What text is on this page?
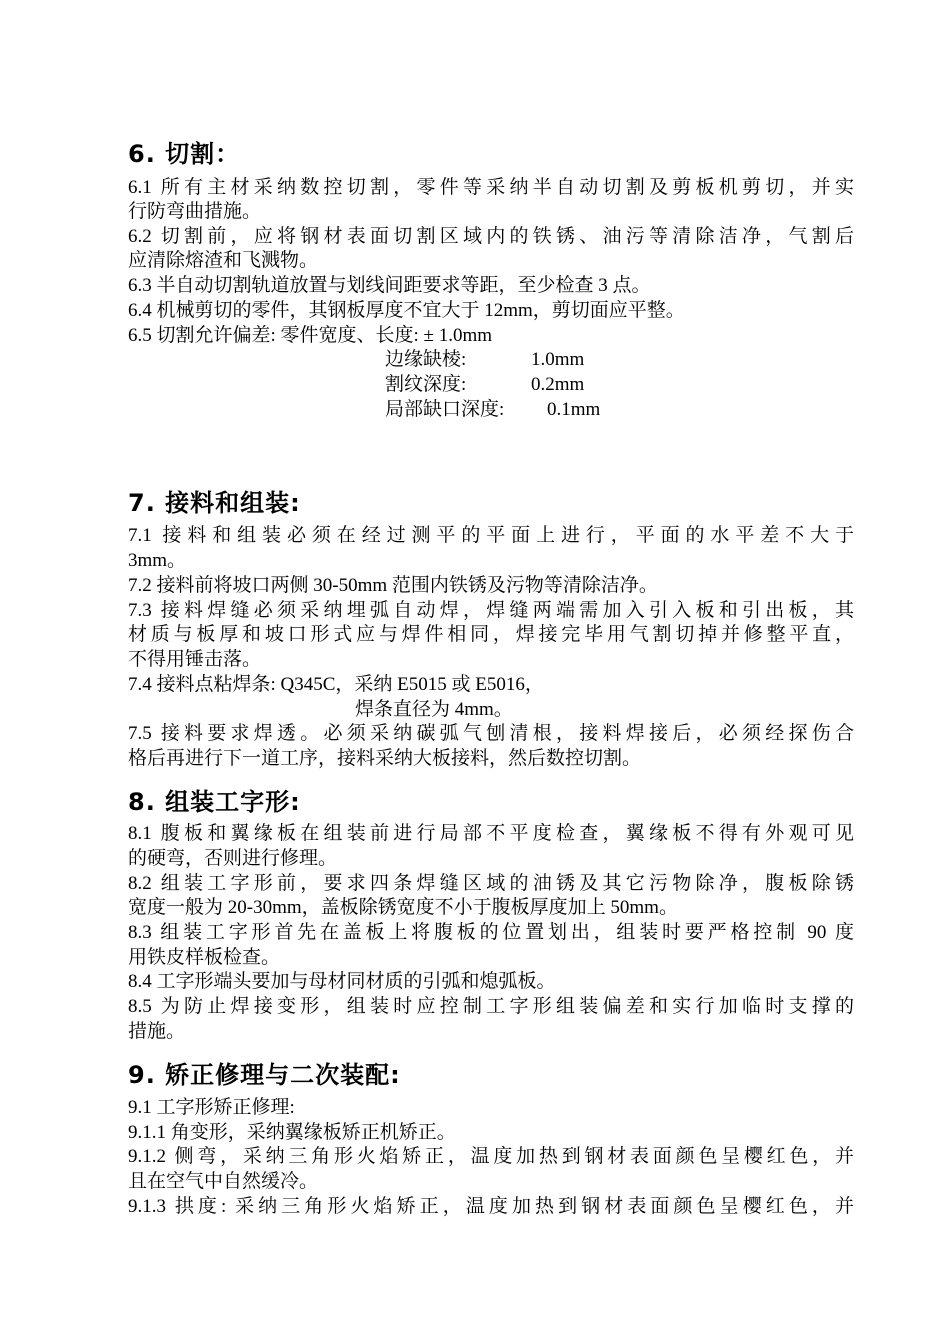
6. 切割：
6.1 所有主材采纳数控切割，零件等采纳半自动切割及剪板机剪切，并实
行防弯曲措施。
6.2 切割前，应将钢材表面切割区域内的铁锈、油污等清除洁净，气割后
应清除熔渣和飞溅物。
6.3 半自动切割轨道放置与划线间距要求等距，至少检查 3 点。
6.4 机械剪切的零件，其钢板厚度不宜大于 12mm，剪切面应平整。
6.5 切割允许偏差: 零件宽度、长度: ± 1.0mm
边缘缺棱:	1.0mm
割纹深度:	0.2mm
局部缺口深度: 0.1mm
7. 接料和组装:
7.1 接料和组装必须在经过测平的平面上进行，平面的水平差不大于
3mm。
7.2 接料前将坡口两侧 30-50mm 范围内铁锈及污物等清除洁净。
7.3 接料焊缝必须采纳埋弧自动焊，焊缝两端需加入引入板和引出板，其
材质与板厚和坡口形式应与焊件相同，焊接完毕用气割切掉并修整平直，
不得用锤击落。
7.4 接料点粘焊条: Q345C，采纳 E5015 或 E5016，
焊条直径为 4mm。
7.5 接料要求焊透。必须采纳碳弧气刨清根，接料焊接后，必须经探伤合
格后再进行下一道工序，接料采纳大板接料，然后数控切割。
8. 组装工字形:
8.1 腹板和翼缘板在组装前进行局部不平度检查，翼缘板不得有外观可见
的硬弯，否则进行修理。
8.2 组装工字形前，要求四条焊缝区域的油锈及其它污物除净，腹板除锈
宽度一般为 20-30mm，盖板除锈宽度不小于腹板厚度加上 50mm。
8.3 组装工字形首先在盖板上将腹板的位置划出，组装时要严格控制 90 度
用铁皮样板检查。
8.4 工字形端头要加与母材同材质的引弧和熄弧板。
8.5 为防止焊接变形，组装时应控制工字形组装偏差和实行加临时支撑的
措施。
9. 矫正修理与二次装配:
9.1 工字形矫正修理:
9.1.1 角变形，采纳翼缘板矫正机矫正。
9.1.2 侧弯，采纳三角形火焰矫正，温度加热到钢材表面颜色呈樱红色，并
且在空气中自然缓冷。
9.1.3 拱度: 采纳三角形火焰矫正，温度加热到钢材表面颜色呈樱红色，并
